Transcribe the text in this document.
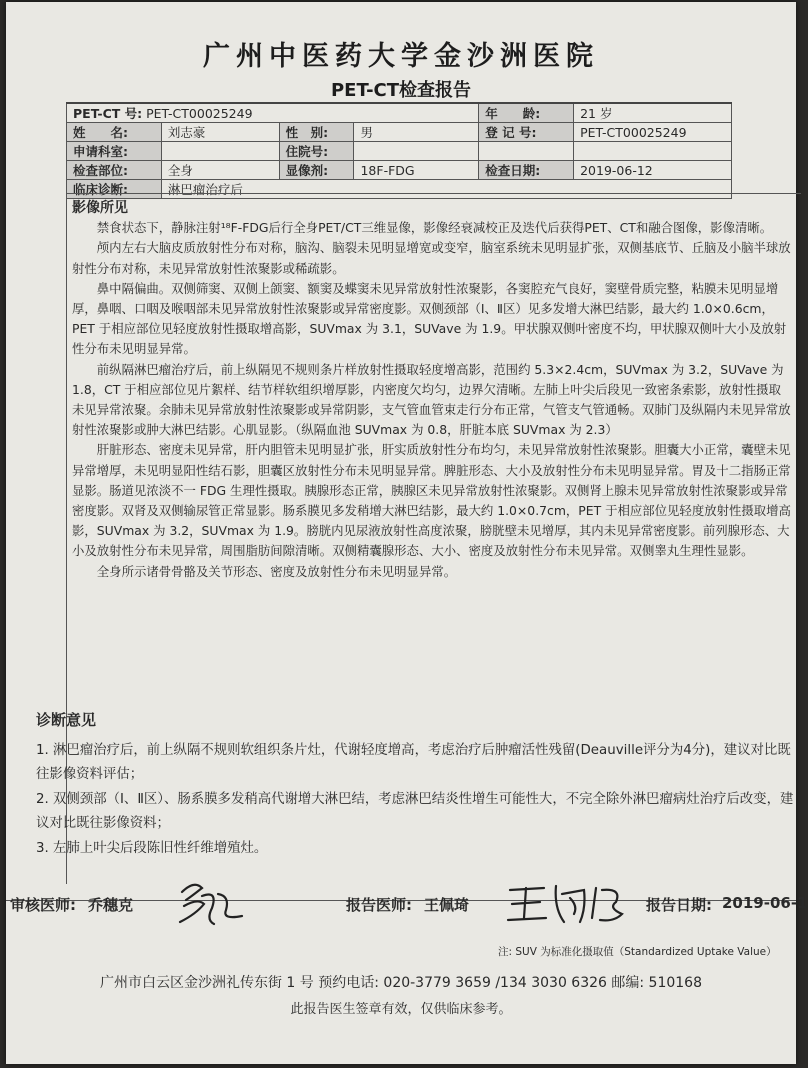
广州中医药大学金沙洲医院
PET-CT检查报告
PET-CT 号: PET-CT00025249				年　　龄:	21 岁
姓　　名:	刘志豪	性　别:	男	登 记 号:	PET-CT00025249
申请科室:		住院号:			
检查部位:	全身	显像剂:	18F-FDG	检查日期:	2019-06-12
临床诊断:	淋巴瘤治疗后				
影像所见

禁食状态下，静脉注射¹⁸F-FDG后行全身PET/CT三维显像，影像经衰减校正及迭代后获得PET、CT和融合图像，影像清晰。

颅内左右大脑皮质放射性分布对称，脑沟、脑裂未见明显增宽或变窄，脑室系统未见明显扩张，双侧基底节、丘脑及小脑半球放射性分布对称，未见异常放射性浓聚影或稀疏影。

鼻中隔偏曲。双侧筛窦、双侧上颌窦、额窦及蝶窦未见异常放射性浓聚影，各窦腔充气良好，窦壁骨质完整，粘膜未见明显增厚，鼻咽、口咽及喉咽部未见异常放射性浓聚影或异常密度影。双侧颈部（Ⅰ、Ⅱ区）见多发增大淋巴结影，最大约 1.0×0.6cm，PET 于相应部位见轻度放射性摄取增高影，SUVmax 为 3.1，SUVave 为 1.9。甲状腺双侧叶密度不均，甲状腺双侧叶大小及放射性分布未见明显异常。

前纵隔淋巴瘤治疗后，前上纵隔见不规则条片样放射性摄取轻度增高影，范围约 5.3×2.4cm，SUVmax 为 3.2，SUVave 为 1.8，CT 于相应部位见片絮样、结节样软组织增厚影，内密度欠均匀，边界欠清晰。左肺上叶尖后段见一致密条索影，放射性摄取未见异常浓聚。余肺未见异常放射性浓聚影或异常阴影，支气管血管束走行分布正常，气管支气管通畅。双肺门及纵隔内未见异常放射性浓聚影或肿大淋巴结影。心肌显影。（纵隔血池 SUVmax 为 0.8，肝脏本底 SUVmax 为 2.3）

肝脏形态、密度未见异常，肝内胆管未见明显扩张，肝实质放射性分布均匀，未见异常放射性浓聚影。胆囊大小正常，囊壁未见异常增厚，未见明显阳性结石影，胆囊区放射性分布未见明显异常。脾脏形态、大小及放射性分布未见明显异常。胃及十二指肠正常显影。肠道见浓淡不一 FDG 生理性摄取。胰腺形态正常，胰腺区未见异常放射性浓聚影。双侧肾上腺未见异常放射性浓聚影或异常密度影。双肾及双侧输尿管正常显影。肠系膜见多发稍增大淋巴结影，最大约 1.0×0.7cm，PET 于相应部位见轻度放射性摄取增高影，SUVmax 为 3.2，SUVmax 为 1.9。膀胱内见尿液放射性高度浓聚，膀胱壁未见增厚，其内未见异常密度影。前列腺形态、大小及放射性分布未见异常，周围脂肪间隙清晰。双侧精囊腺形态、大小、密度及放射性分布未见异常。双侧睾丸生理性显影。

全身所示诸骨骨骼及关节形态、密度及放射性分布未见明显异常。

诊断意见

1. 淋巴瘤治疗后，前上纵隔不规则软组织条片灶，代谢轻度增高，考虑治疗后肿瘤活性残留(Deauville评分为4分)，建议对比既往影像资料评估；

2. 双侧颈部（Ⅰ、Ⅱ区）、肠系膜多发稍高代谢增大淋巴结，考虑淋巴结炎性增生可能性大，不完全除外淋巴瘤病灶治疗后改变，建议对比既往影像资料；

3. 左肺上叶尖后段陈旧性纤维增殖灶。

审核医师: 乔穗克	报告医师: 王佩琦	报告日期: 2019-06-1
注: SUV 为标准化摄取值（Standardized Uptake Value）
广州市白云区金沙洲礼传东街 1 号 预约电话: 020-3779 3659 /134 3030 6326 邮编: 510168
此报告医生签章有效，仅供临床参考。
